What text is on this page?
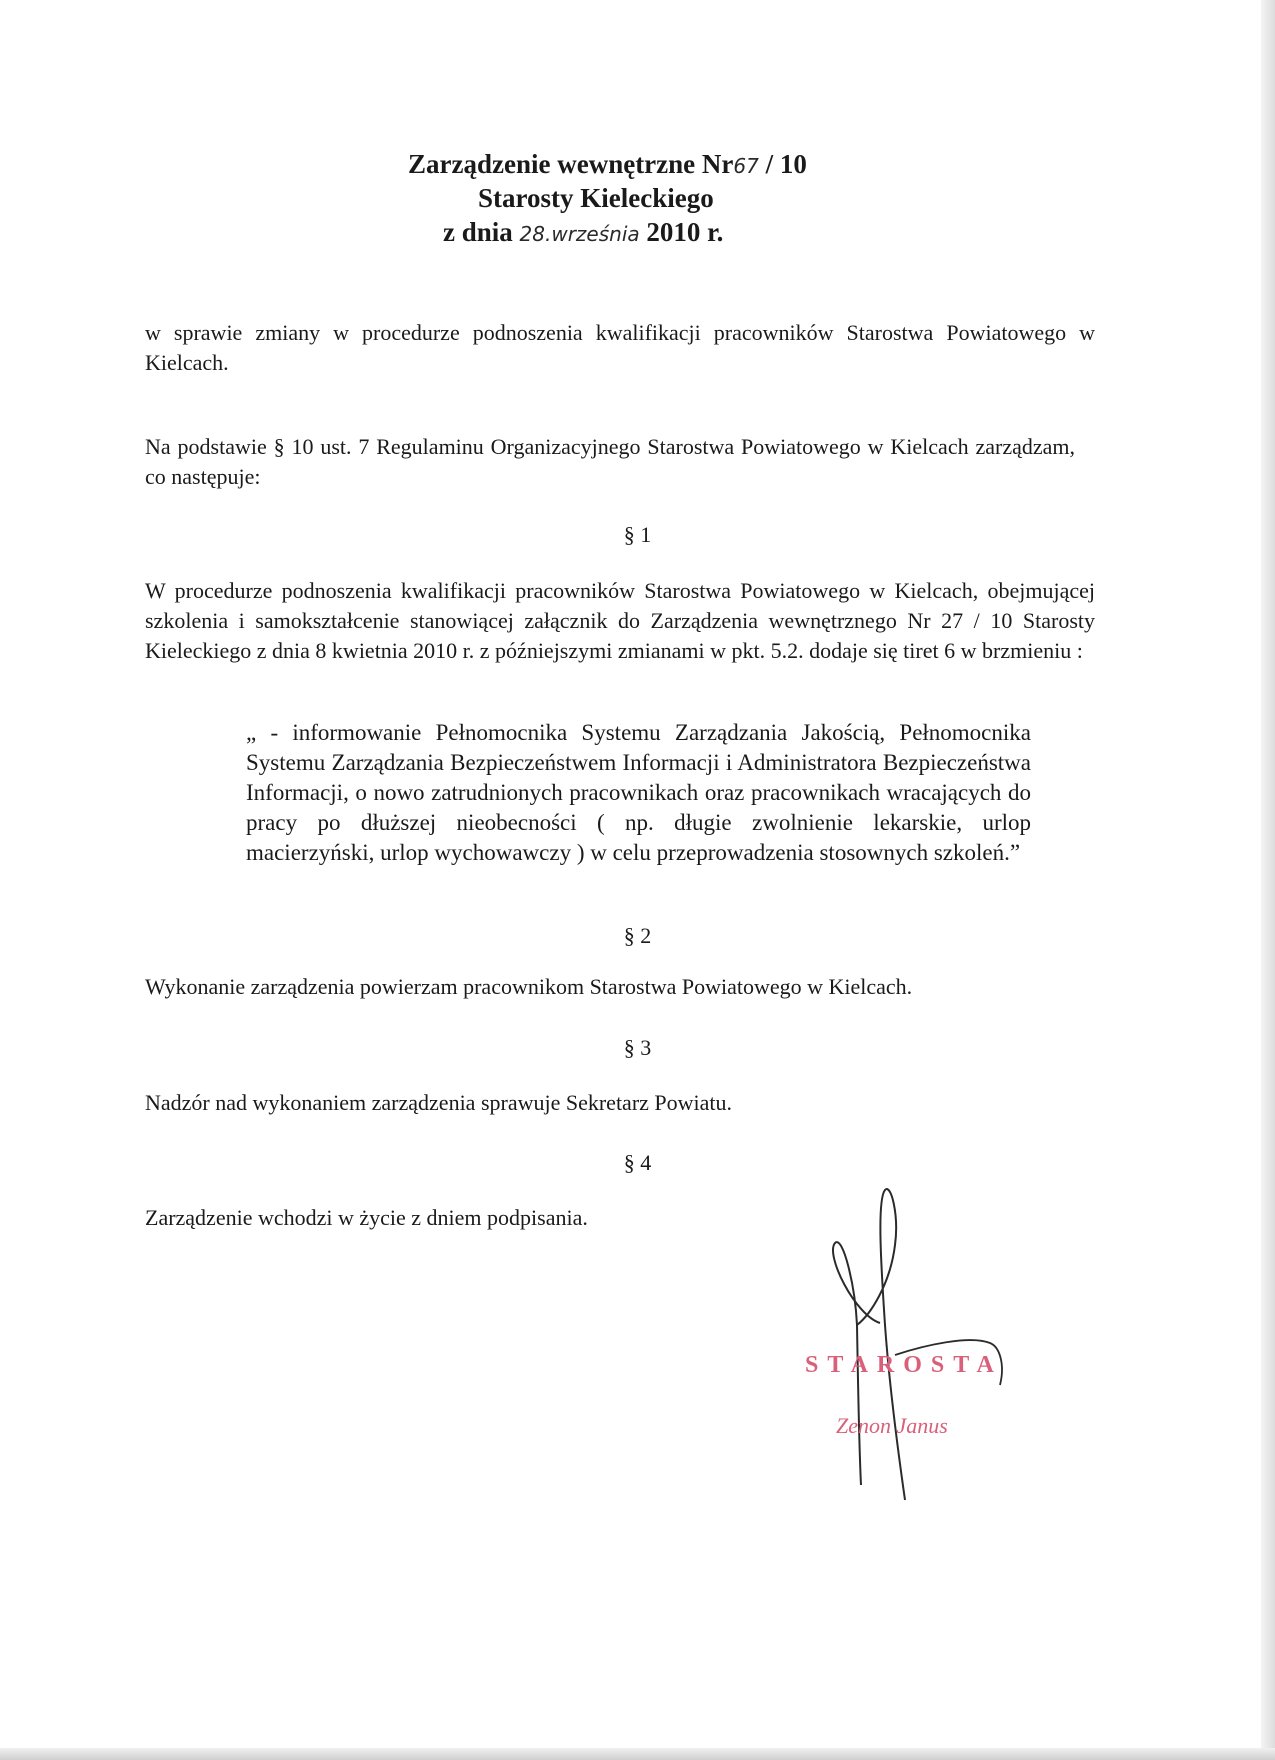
Zarządzenie wewnętrzne Nr67 / 10
Starosty Kieleckiego
z dnia 28.września 2010 r.
w sprawie zmiany w procedurze podnoszenia kwalifikacji pracowników Starostwa Powiatowego w Kielcach.
Na podstawie § 10 ust. 7 Regulaminu Organizacyjnego Starostwa Powiatowego w Kielcach zarządzam, co następuje:
§ 1
W procedurze podnoszenia kwalifikacji pracowników Starostwa Powiatowego w Kielcach, obejmującej szkolenia i samokształcenie stanowiącej załącznik do Zarządzenia wewnętrznego Nr 27 / 10 Starosty Kieleckiego z dnia 8 kwietnia 2010 r. z późniejszymi zmianami w pkt. 5.2. dodaje się tiret 6 w brzmieniu :
„ - informowanie Pełnomocnika Systemu Zarządzania Jakością, Pełnomocnika Systemu Zarządzania Bezpieczeństwem Informacji i Administratora Bezpieczeństwa Informacji, o nowo zatrudnionych pracownikach oraz pracownikach wracających do pracy po dłuższej nieobecności ( np. długie zwolnienie lekarskie, urlop macierzyński, urlop wychowawczy ) w celu przeprowadzenia stosownych szkoleń.”
§ 2
Wykonanie zarządzenia powierzam pracownikom Starostwa Powiatowego w Kielcach.
§ 3
Nadzór nad wykonaniem zarządzenia sprawuje Sekretarz Powiatu.
§ 4
Zarządzenie wchodzi w życie z dniem podpisania.
STAROSTA
Zenon Janus
